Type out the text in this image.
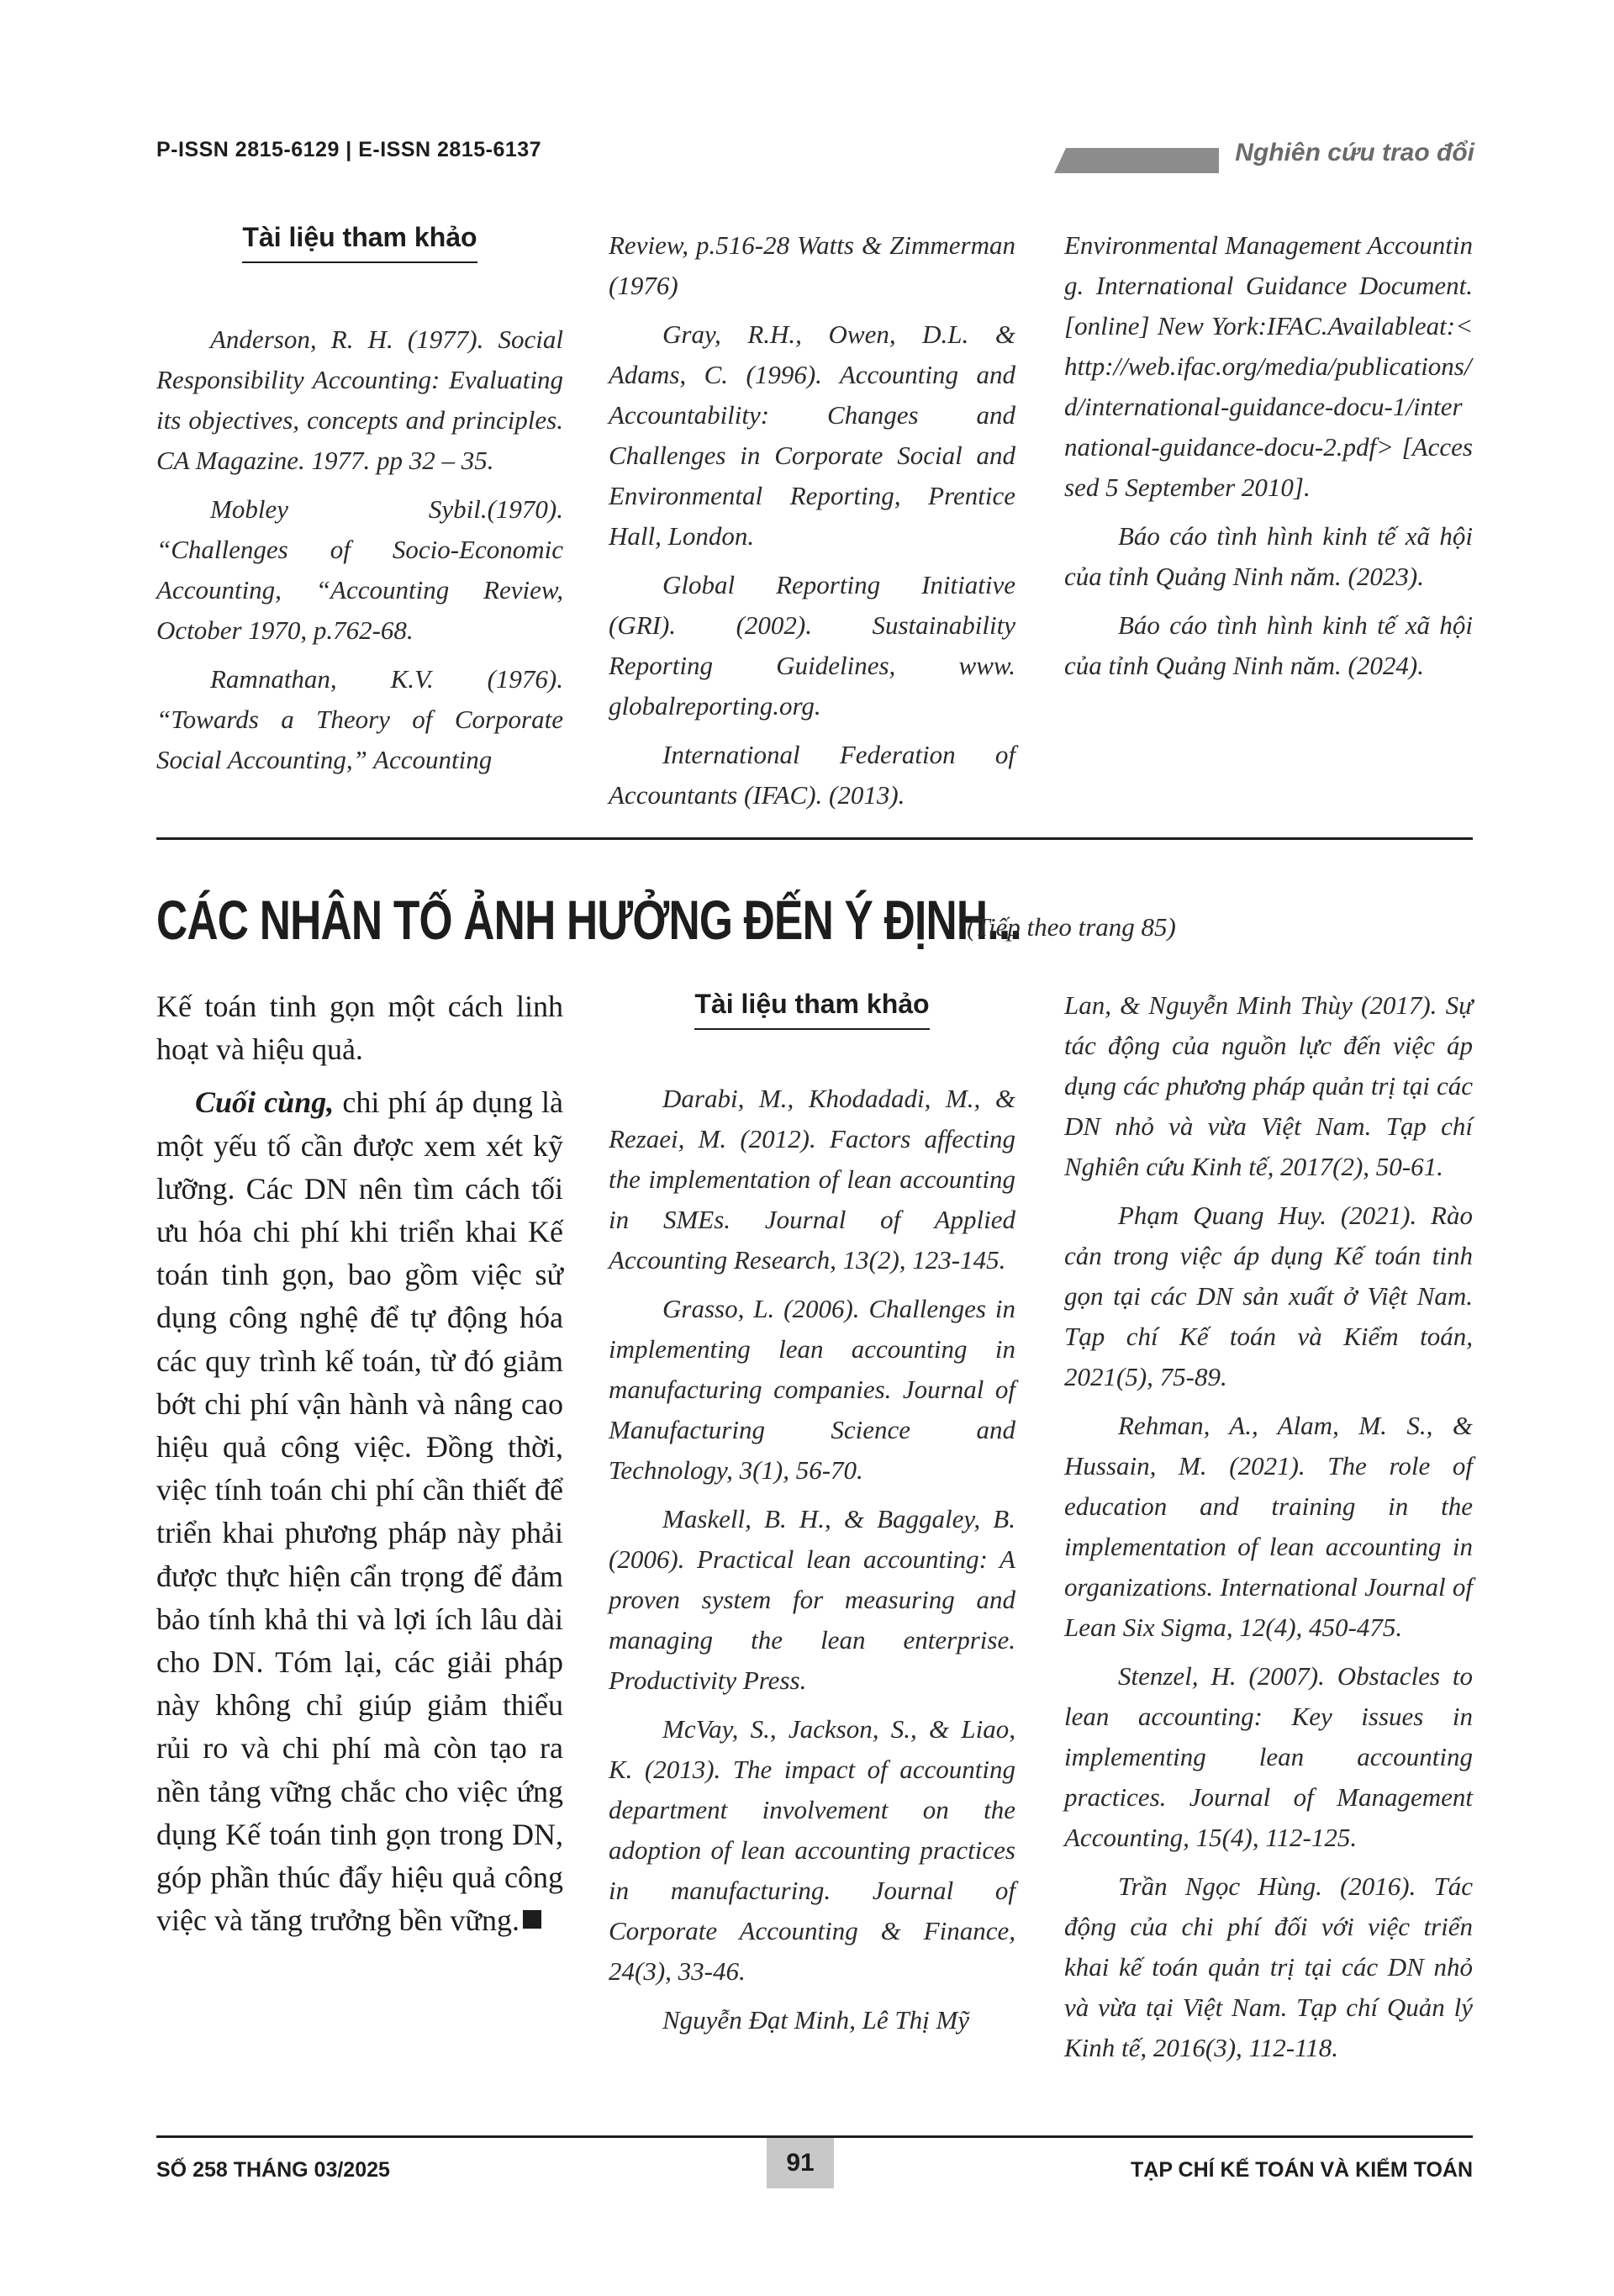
P-ISSN 2815-6129 | E-ISSN 2815-6137	Nghiên cứu trao đổi
Tài liệu tham khảo

Anderson, R. H. (1977). Social Responsibility Accounting: Evaluating its objectives, concepts and principles. CA Magazine. 1977. pp 32 – 35.

Mobley Sybil.(1970). “Challenges of Socio-Economic Accounting, “Accounting Review, October 1970, p.762-68.

Ramnathan, K.V. (1976). “Towards a Theory of Corporate Social Accounting,” Accounting

Review, p.516-28 Watts & Zimmerman (1976)

Gray, R.H., Owen, D.L. & Adams, C. (1996). Accounting and Accountability: Changes and Challenges in Corporate Social and Environmental Reporting, Prentice Hall, London.

Global Reporting Initiative (GRI). (2002). Sustainability Reporting Guidelines, www. globalreporting.org.

International Federation of Accountants (IFAC). (2013).

Environmental Management Accounting. International Guidance Document. [online] New York:IFAC.Availableat:<http://web.ifac.org/media/publications/d/international-guidance-docu-1/international-guidance-docu-2.pdf> [Accessed 5 September 2010].

Báo cáo tình hình kinh tế xã hội của tỉnh Quảng Ninh năm. (2023).

Báo cáo tình hình kinh tế xã hội của tỉnh Quảng Ninh năm. (2024).

CÁC NHÂN TỐ ẢNH HƯỞNG ĐẾN Ý ĐỊNH...
(Tiếp theo trang 85)

Kế toán tinh gọn một cách linh hoạt và hiệu quả.

Cuối cùng, chi phí áp dụng là một yếu tố cần được xem xét kỹ lưỡng. Các DN nên tìm cách tối ưu hóa chi phí khi triển khai Kế toán tinh gọn, bao gồm việc sử dụng công nghệ để tự động hóa các quy trình kế toán, từ đó giảm bớt chi phí vận hành và nâng cao hiệu quả công việc. Đồng thời, việc tính toán chi phí cần thiết để triển khai phương pháp này phải được thực hiện cẩn trọng để đảm bảo tính khả thi và lợi ích lâu dài cho DN. Tóm lại, các giải pháp này không chỉ giúp giảm thiểu rủi ro và chi phí mà còn tạo ra nền tảng vững chắc cho việc ứng dụng Kế toán tinh gọn trong DN, góp phần thúc đẩy hiệu quả công việc và tăng trưởng bền vững.

Tài liệu tham khảo

Darabi, M., Khodadadi, M., & Rezaei, M. (2012). Factors affecting the implementation of lean accounting in SMEs. Journal of Applied Accounting Research, 13(2), 123-145.

Grasso, L. (2006). Challenges in implementing lean accounting in manufacturing companies. Journal of Manufacturing Science and Technology, 3(1), 56-70.

Maskell, B. H., & Baggaley, B. (2006). Practical lean accounting: A proven system for measuring and managing the lean enterprise. Productivity Press.

McVay, S., Jackson, S., & Liao, K. (2013). The impact of accounting department involvement on the adoption of lean accounting practices in manufacturing. Journal of Corporate Accounting & Finance, 24(3), 33-46.

Nguyễn Đạt Minh, Lê Thị Mỹ

Lan, & Nguyễn Minh Thùy (2017). Sự tác động của nguồn lực đến việc áp dụng các phương pháp quản trị tại các DN nhỏ và vừa Việt Nam. Tạp chí Nghiên cứu Kinh tế, 2017(2), 50-61.

Phạm Quang Huy. (2021). Rào cản trong việc áp dụng Kế toán tinh gọn tại các DN sản xuất ở Việt Nam. Tạp chí Kế toán và Kiểm toán, 2021(5), 75-89.

Rehman, A., Alam, M. S., & Hussain, M. (2021). The role of education and training in the implementation of lean accounting in organizations. International Journal of Lean Six Sigma, 12(4), 450-475.

Stenzel, H. (2007). Obstacles to lean accounting: Key issues in implementing lean accounting practices. Journal of Management Accounting, 15(4), 112-125.

Trần Ngọc Hùng. (2016). Tác động của chi phí đối với việc triển khai kế toán quản trị tại các DN nhỏ và vừa tại Việt Nam. Tạp chí Quản lý Kinh tế, 2016(3), 112-118.

SỐ 258 THÁNG 03/2025	91	TẠP CHÍ KẾ TOÁN VÀ KIỂM TOÁN
